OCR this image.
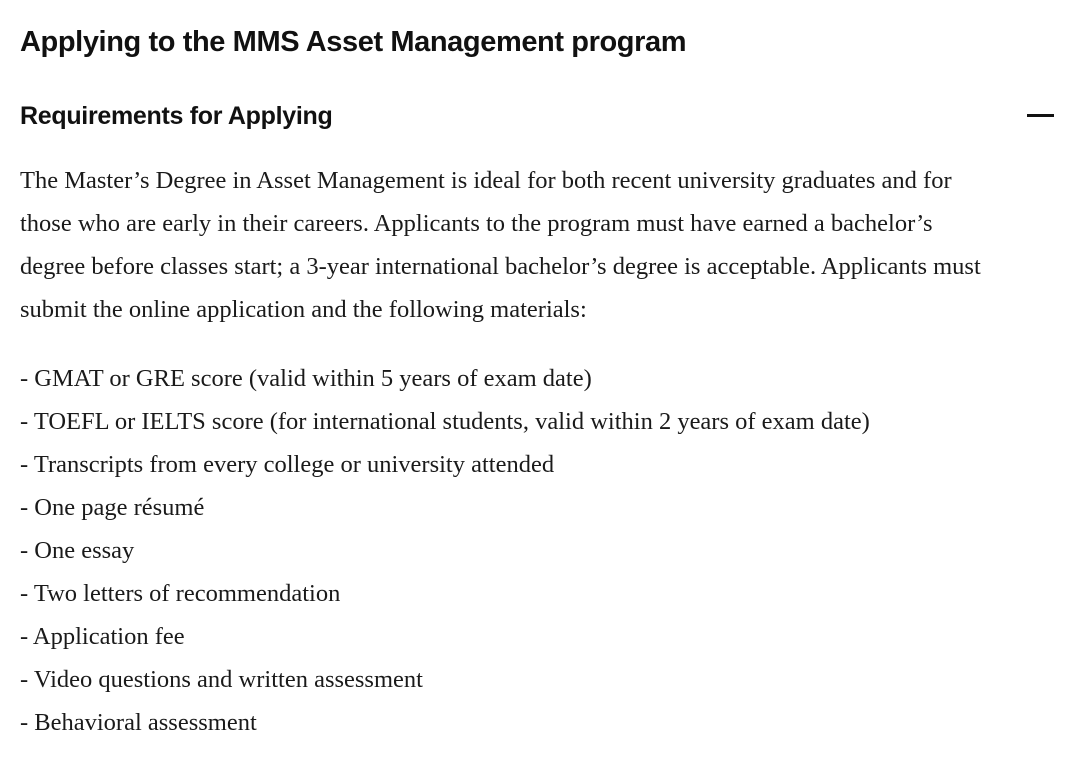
Applying to the MMS Asset Management program
Requirements for Applying

The Master’s Degree in Asset Management is ideal for both recent university graduates and for
those who are early in their careers. Applicants to the program must have earned a bachelor’s
degree before classes start; a 3-year international bachelor’s degree is acceptable. Applicants must
submit the online application and the following materials:

- GMAT or GRE score (valid within 5 years of exam date)
- TOEFL or IELTS score (for international students, valid within 2 years of exam date)
- Transcripts from every college or university attended
- One page résumé
- One essay
- Two letters of recommendation
- Application fee
- Video questions and written assessment
- Behavioral assessment
